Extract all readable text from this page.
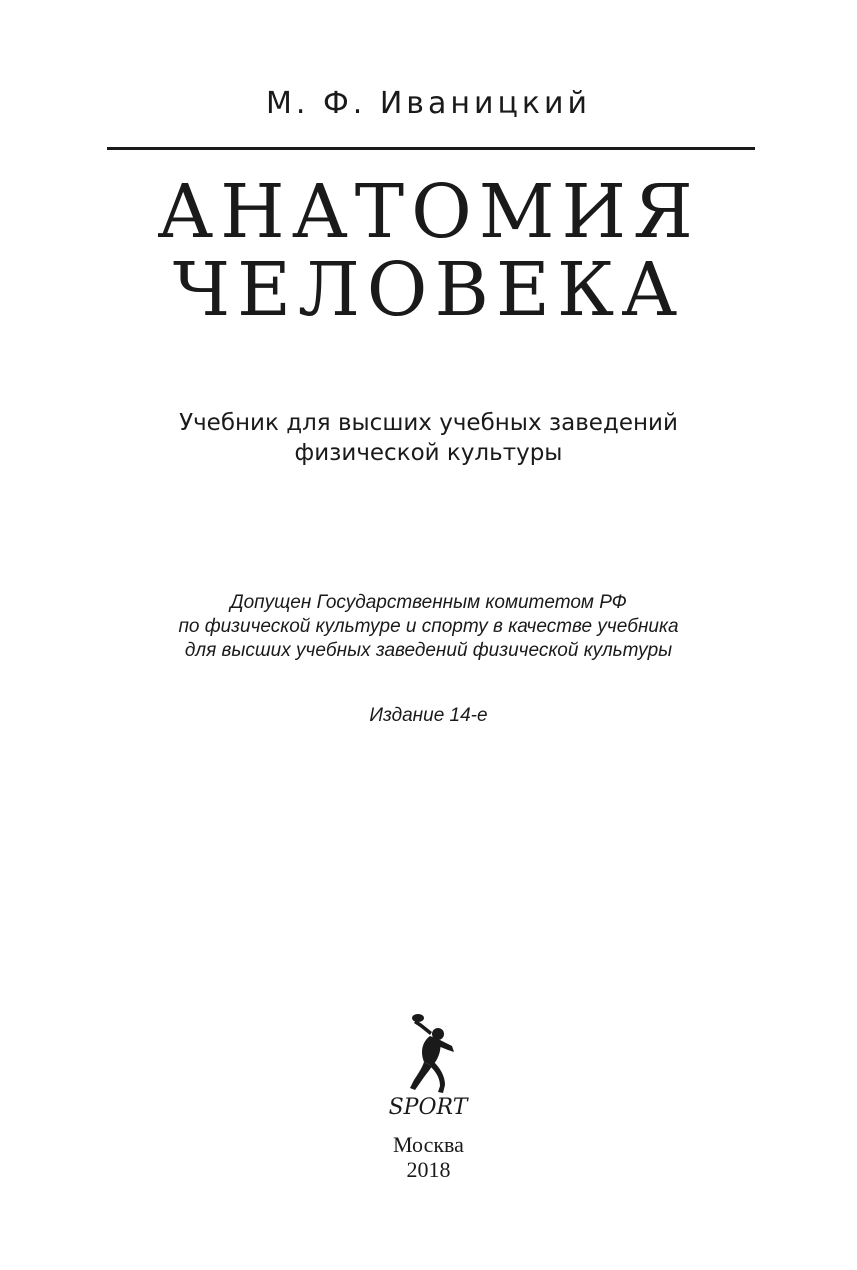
М. Ф. Иваницкий
АНАТОМИЯ
ЧЕЛОВЕКА
Учебник для высших учебных заведений
физической культуры
Допущен Государственным комитетом РФ
по физической культуре и спорту в качестве учебника
для высших учебных заведений физической культуры
Издание 14-е
SPORT
Москва
2018
